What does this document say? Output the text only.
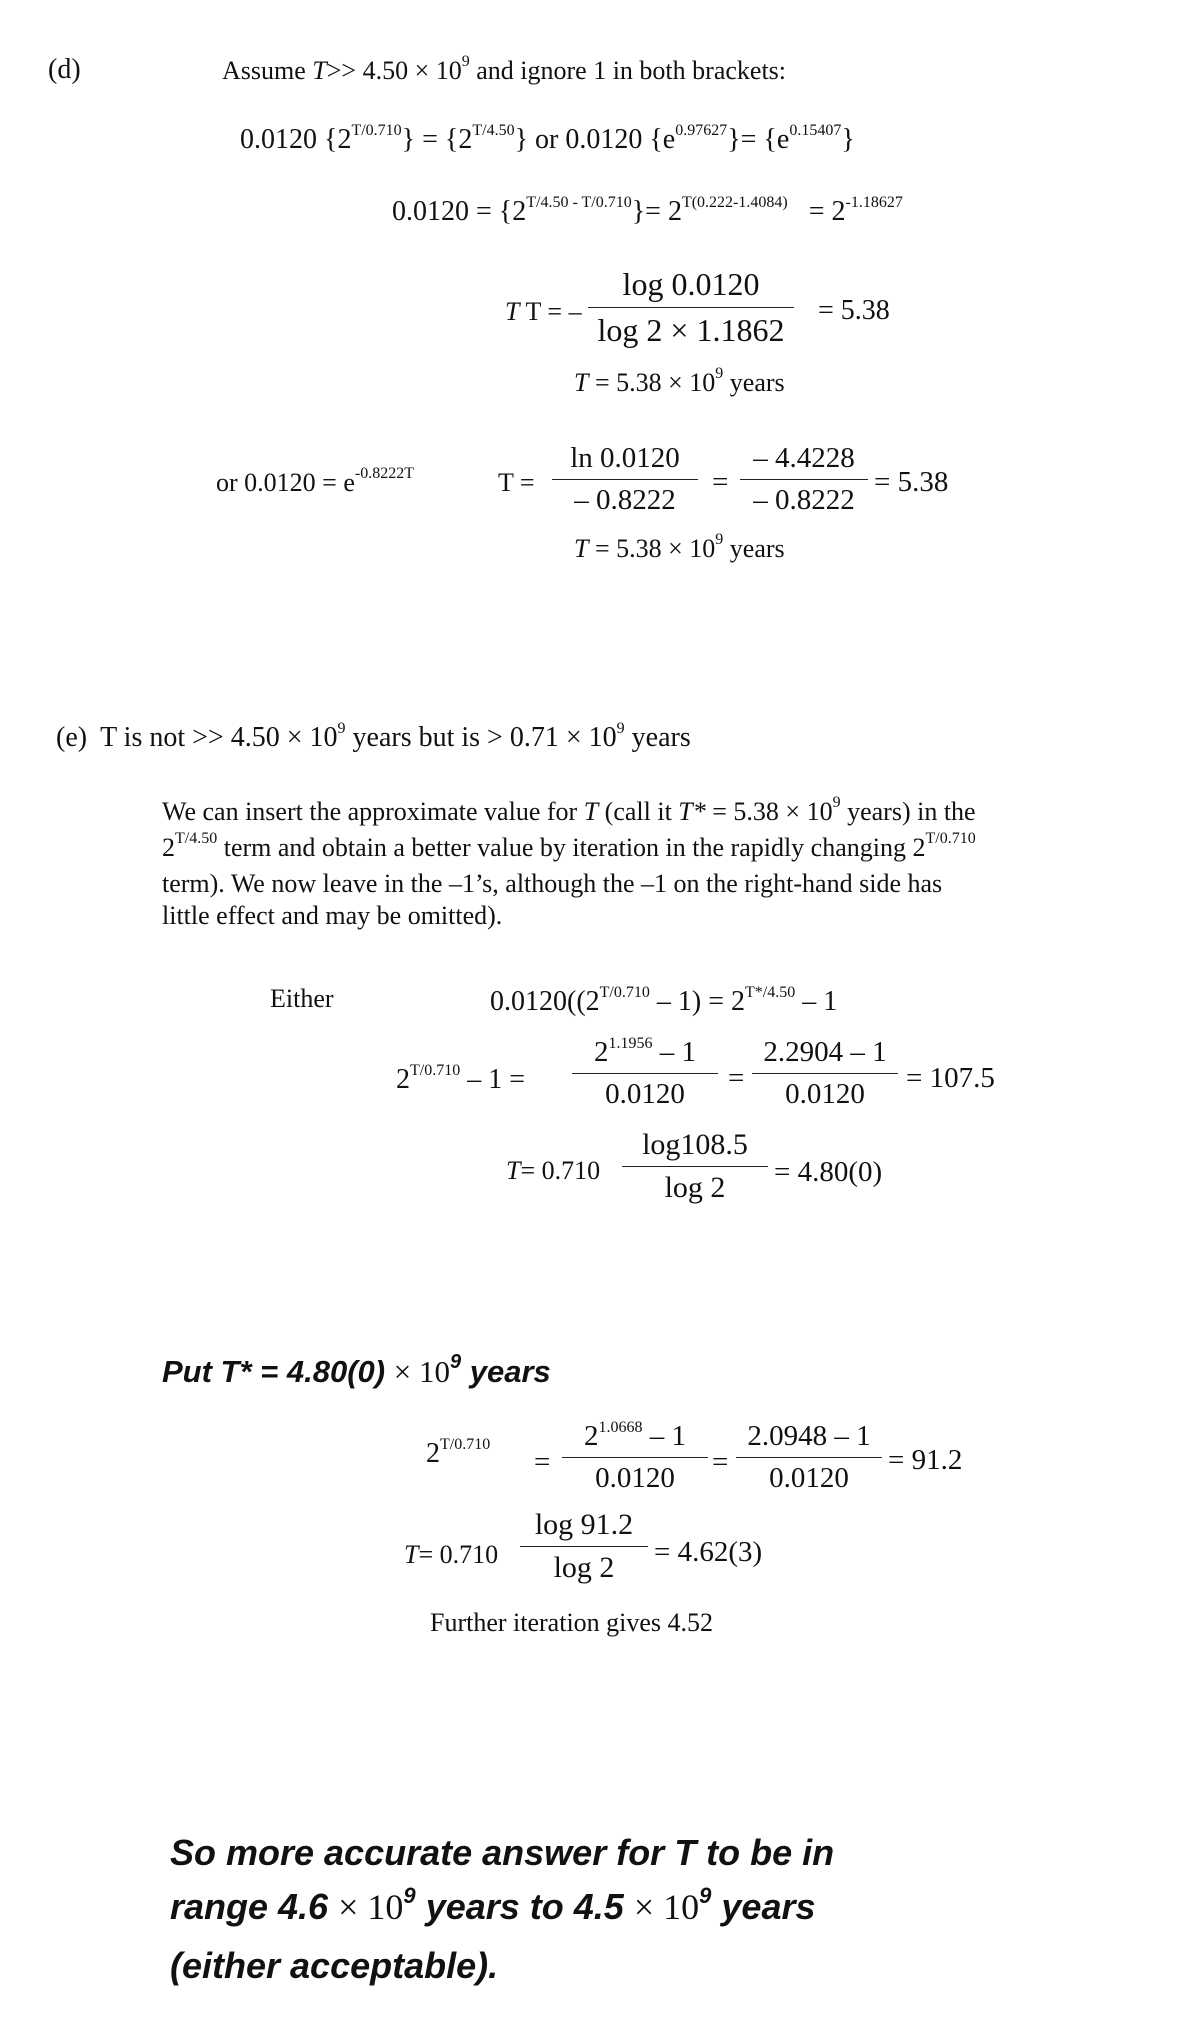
(d)	Assume $T>> 4.50 \times 10^9$ and ignore 1 in both brackets:
0.0120 $\{2^{T/0.710}\} = \{2^{T/4.50}\}$ or 0.0120 $\{e^{0.97627}\}= \{e^{0.15407}\}$
$0.0120 = \{2^{T/4.50 - T/0.710}\}= 2^{T(0.222-1.4084)} = 2^{-1.18627}$
T T = –
log 0.0120
log 2 × 1.1862
= 5.38
$T = 5.38 \times 10^9$ years
or $0.0120 = e^{-0.8222T}$	T =
ln 0.0120
– 0.8222
=
– 4.4228
– 0.8222
= 5.38
$T = 5.38 \times 10^9$ years
(e) T is not >> $4.50 \times 10^9$ years but is > $0.71 \times 10^9$ years
We can insert the approximate value for T (call it $T* = 5.38 \times 10^9$ years) in the
$2^{T/4.50}$ term and obtain a better value by iteration in the rapidly changing $2^{T/0.710}$
term). We now leave in the –1’s, although the –1 on the right-hand side has
little effect and may be omitted).
Either	$0.0120((2^{T/0.710} - 1) = 2^{T*/4.50} - 1$
$2^{T/0.710} - 1$ =
$2^{1.1956} - 1$
0.0120	=
2.2904 – 1
0.0120	= 107.5
T= 0.710
log108.5
log 2	= 4.80(0)
Put $T* = 4.80(0) \times 10^9$ years
$2^{T/0.710}$
=
$2^{1.0668} - 1$
0.0120	=
2.0948 – 1
0.0120
= 91.2
T= 0.710
log 91.2
log 2	= 4.62(3)
Further iteration gives 4.52
So more accurate answer for T to be in
range $4.6 \times 10^9$ years to $4.5 \times 10^9$ years
(either acceptable).
